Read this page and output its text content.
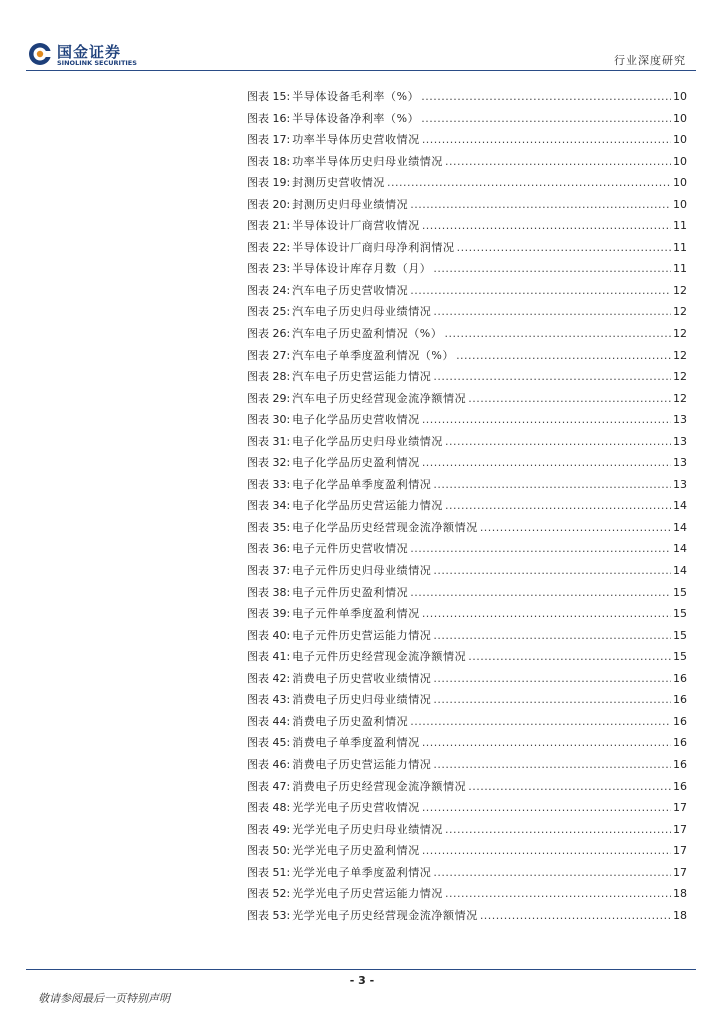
国金证券
SINOLINK SECURITIES	行业深度研究
图表 15: 半导体设备毛利率（%） .....	10
图表 16: 半导体设备净利率（%） .....	10
图表 17: 功率半导体历史营收情况 .....	10
图表 18: 功率半导体历史归母业绩情况 .....	10
图表 19: 封测历史营收情况 .....	10
图表 20: 封测历史归母业绩情况 .....	10
图表 21: 半导体设计厂商营收情况 .....	11
图表 22: 半导体设计厂商归母净利润情况 .....	11
图表 23: 半导体设计库存月数（月） .....	11
图表 24: 汽车电子历史营收情况 .....	12
图表 25: 汽车电子历史归母业绩情况 .....	12
图表 26: 汽车电子历史盈利情况（%） .....	12
图表 27: 汽车电子单季度盈利情况（%） .....	12
图表 28: 汽车电子历史营运能力情况 .....	12
图表 29: 汽车电子历史经营现金流净额情况 .....	12
图表 30: 电子化学品历史营收情况 .....	13
图表 31: 电子化学品历史归母业绩情况 .....	13
图表 32: 电子化学品历史盈利情况 .....	13
图表 33: 电子化学品单季度盈利情况 .....	13
图表 34: 电子化学品历史营运能力情况 .....	14
图表 35: 电子化学品历史经营现金流净额情况 .....	14
图表 36: 电子元件历史营收情况 .....	14
图表 37: 电子元件历史归母业绩情况 .....	14
图表 38: 电子元件历史盈利情况 .....	15
图表 39: 电子元件单季度盈利情况 .....	15
图表 40: 电子元件历史营运能力情况 .....	15
图表 41: 电子元件历史经营现金流净额情况 .....	15
图表 42: 消费电子历史营收业绩情况 .....	16
图表 43: 消费电子历史归母业绩情况 .....	16
图表 44: 消费电子历史盈利情况 .....	16
图表 45: 消费电子单季度盈利情况 .....	16
图表 46: 消费电子历史营运能力情况 .....	16
图表 47: 消费电子历史经营现金流净额情况 .....	16
图表 48: 光学光电子历史营收情况 .....	17
图表 49: 光学光电子历史归母业绩情况 .....	17
图表 50: 光学光电子历史盈利情况 .....	17
图表 51: 光学光电子单季度盈利情况 .....	17
图表 52: 光学光电子历史营运能力情况 .....	18
图表 53: 光学光电子历史经营现金流净额情况 .....	18
- 3 -
敬请参阅最后一页特别声明
